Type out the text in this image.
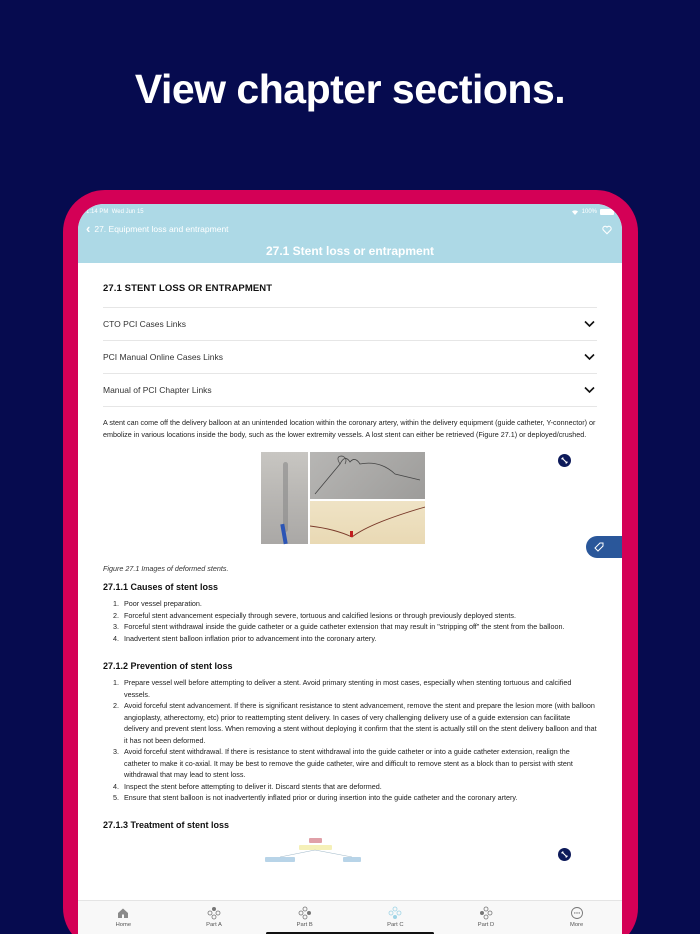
View chapter sections.
1:14 PM Wed Jun 15	100%
‹ 27. Equipment loss and entrapment
27.1 Stent loss or entrapment
27.1 STENT LOSS OR ENTRAPMENT
CTO PCI Cases Links
PCI Manual Online Cases Links
Manual of PCI Chapter Links

A stent can come off the delivery balloon at an unintended location within the coronary artery, within the delivery equipment (guide catheter, Y-connector) or embolize in various locations inside the body, such as the lower extremity vessels. A lost stent can either be retrieved (Figure 27.1) or deployed/crushed.

Figure 27.1 Images of deformed stents.

27.1.1 Causes of stent loss
1. Poor vessel preparation.
2. Forceful stent advancement especially through severe, tortuous and calcified lesions or through previously deployed stents.
3. Forceful stent withdrawal inside the guide catheter or a guide catheter extension that may result in "stripping off" the stent from the balloon.
4. Inadvertent stent balloon inflation prior to advancement into the coronary artery.
27.1.2 Prevention of stent loss
1. Prepare vessel well before attempting to deliver a stent. Avoid primary stenting in most cases, especially when stenting tortuous and calcified vessels.
2. Avoid forceful stent advancement. If there is significant resistance to stent advancement, remove the stent and prepare the lesion more (with balloon angioplasty, atherectomy, etc) prior to reattempting stent delivery. In cases of very challenging delivery use of a guide extension can facilitate delivery and prevent stent loss. When removing a stent without deploying it confirm that the stent is actually still on the stent delivery balloon and that it has not been deformed.
3. Avoid forceful stent withdrawal. If there is resistance to stent withdrawal into the guide catheter or into a guide catheter extension, realign the catheter to make it co-axial. It may be best to remove the guide catheter, wire and difficult to remove stent as a block than to persist with stent withdrawal that may lead to stent loss.
4. Inspect the stent before attempting to deliver it. Discard stents that are deformed.
5. Ensure that stent balloon is not inadvertently inflated prior or during insertion into the guide catheter and the coronary artery.
27.1.3 Treatment of stent loss
Home	Part A	Part B	Part C	Part D	More
